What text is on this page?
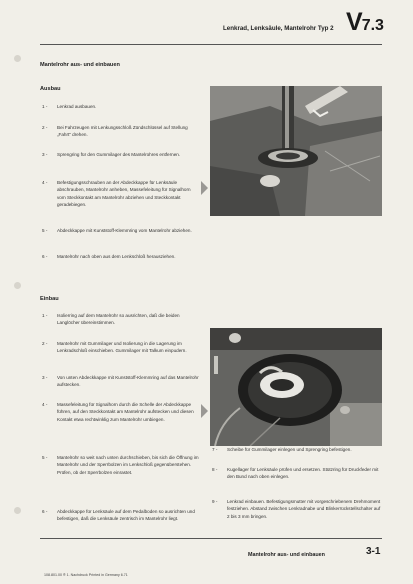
Lenkrad, Lenksäule, Mantelrohr Typ 2 V7.3
Mantelrohr aus- und einbauen
Ausbau
1 -	Lenkrad ausbauen.
2 -	Bei Fahrzeugen mit Lenkungsschloß Zündschlüssel auf Stellung „Fahrt" drehen.
3 -	Sprengring für den Gummilager des Mantelrohres entfernen.
4 -	Befestigungsschrauben an der Abdeckkappe für Lenksäule abschrauben, Mantelrohr anheben, Massefeleitung für Signalhorn vom Steckkontakt am Mantelrohr abziehen und Steckkontakt geradebiegen.
5 -	Abdeckkappe mit Kunststoff-Klemmring vom Mantelrohr abziehen.
6 -	Mantelrohr nach oben aus dem Lenkschloß herausziehen.
Einbau
1 -	Isolierring auf dem Mantelrohr so ausrichten, daß die beiden Langlöcher übereinstimmen.
2 -	Mantelrohr mit Gummilager und Isolierung in die Lagerung im Lenkradschloß einschieben. Gummilager mit Talkum einpudern.
3 -	Von unten Abdeckkappe mit Kunststoff-Klemmring auf das Mantelrohr aufstecken.
4 -	Massefeleitung für Signalhorn durch die Schelle der Abdeckkappe führen, auf den Steckkontakt am Mantelrohr aufstecken und diesen Kontakt etwa rechtwinklig zum Mantelrohr umbiegen.
5 -	Mantelrohr so weit nach unten durchschieben, bis sich die Öffnung im Mantelrohr und der Sperrbolzen im Lenkschloß gegenüberstehen. Prüfen, ob der Sperrbolzen einrastet.
6 -	Abdeckkappe für Lenksäule auf dem Pedalboden so ausrichten und befestigen, daß die Lenksäule zentrisch im Mantelrohr liegt.
7 -	Scheibe für Gummilager einlegen und Sprengring befestigen.
8 -	Kugellager für Lenksäule prüfen und ersetzen. Stützring für Druckfeder mit den Bund nach oben einlegen.
9 -	Lenkrad einbauen. Befestigungsmutter mit vorgeschriebenem Drehmoment festziehen. Abstand zwischen Lenkradnabe und Blinkerrückstellschalter auf 2 bis 3 mm bringen.
Mantelrohr aus- und einbauen	3-1
108.801.00 ® 1. Nachdruck Printed in Germany 6.71
